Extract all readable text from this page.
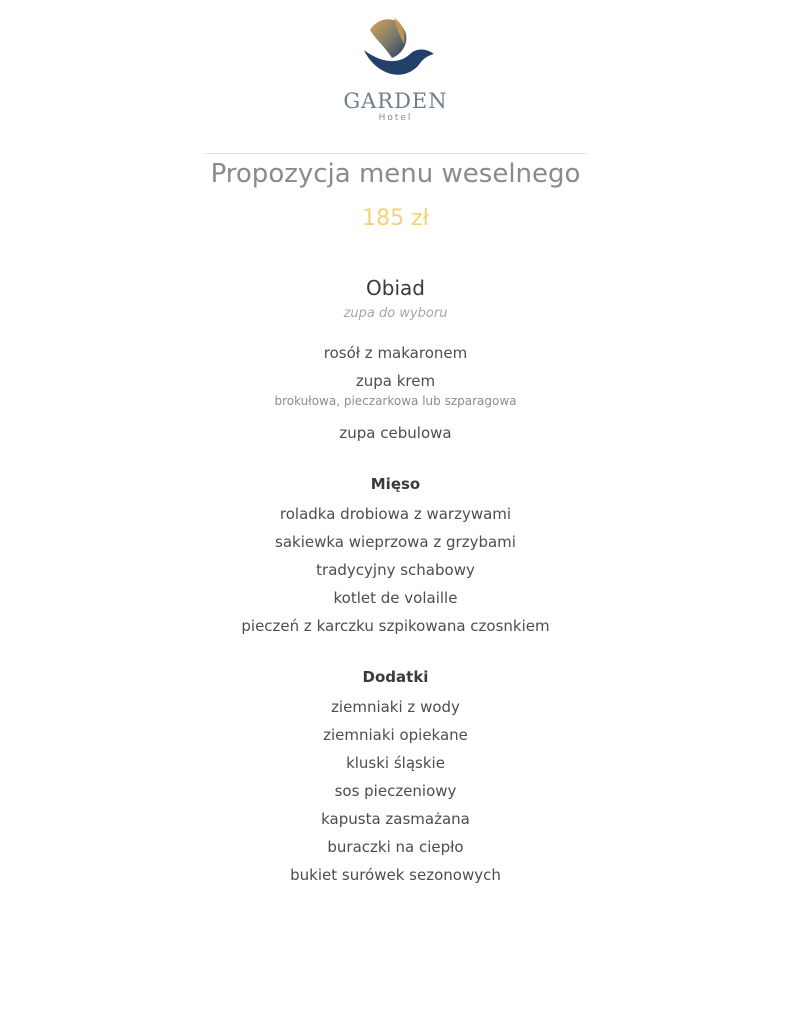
GARDEN
Hotel
Propozycja menu weselnego
185 zł
Obiad
zupa do wyboru
rosół z makaronem
zupa krem
brokułowa, pieczarkowa lub szparagowa
zupa cebulowa
Mięso
roladka drobiowa z warzywami
sakiewka wieprzowa z grzybami
tradycyjny schabowy
kotlet de volaille
pieczeń z karczku szpikowana czosnkiem
Dodatki
ziemniaki z wody
ziemniaki opiekane
kluski śląskie
sos pieczeniowy
kapusta zasmażana
buraczki na ciepło
bukiet surówek sezonowych
